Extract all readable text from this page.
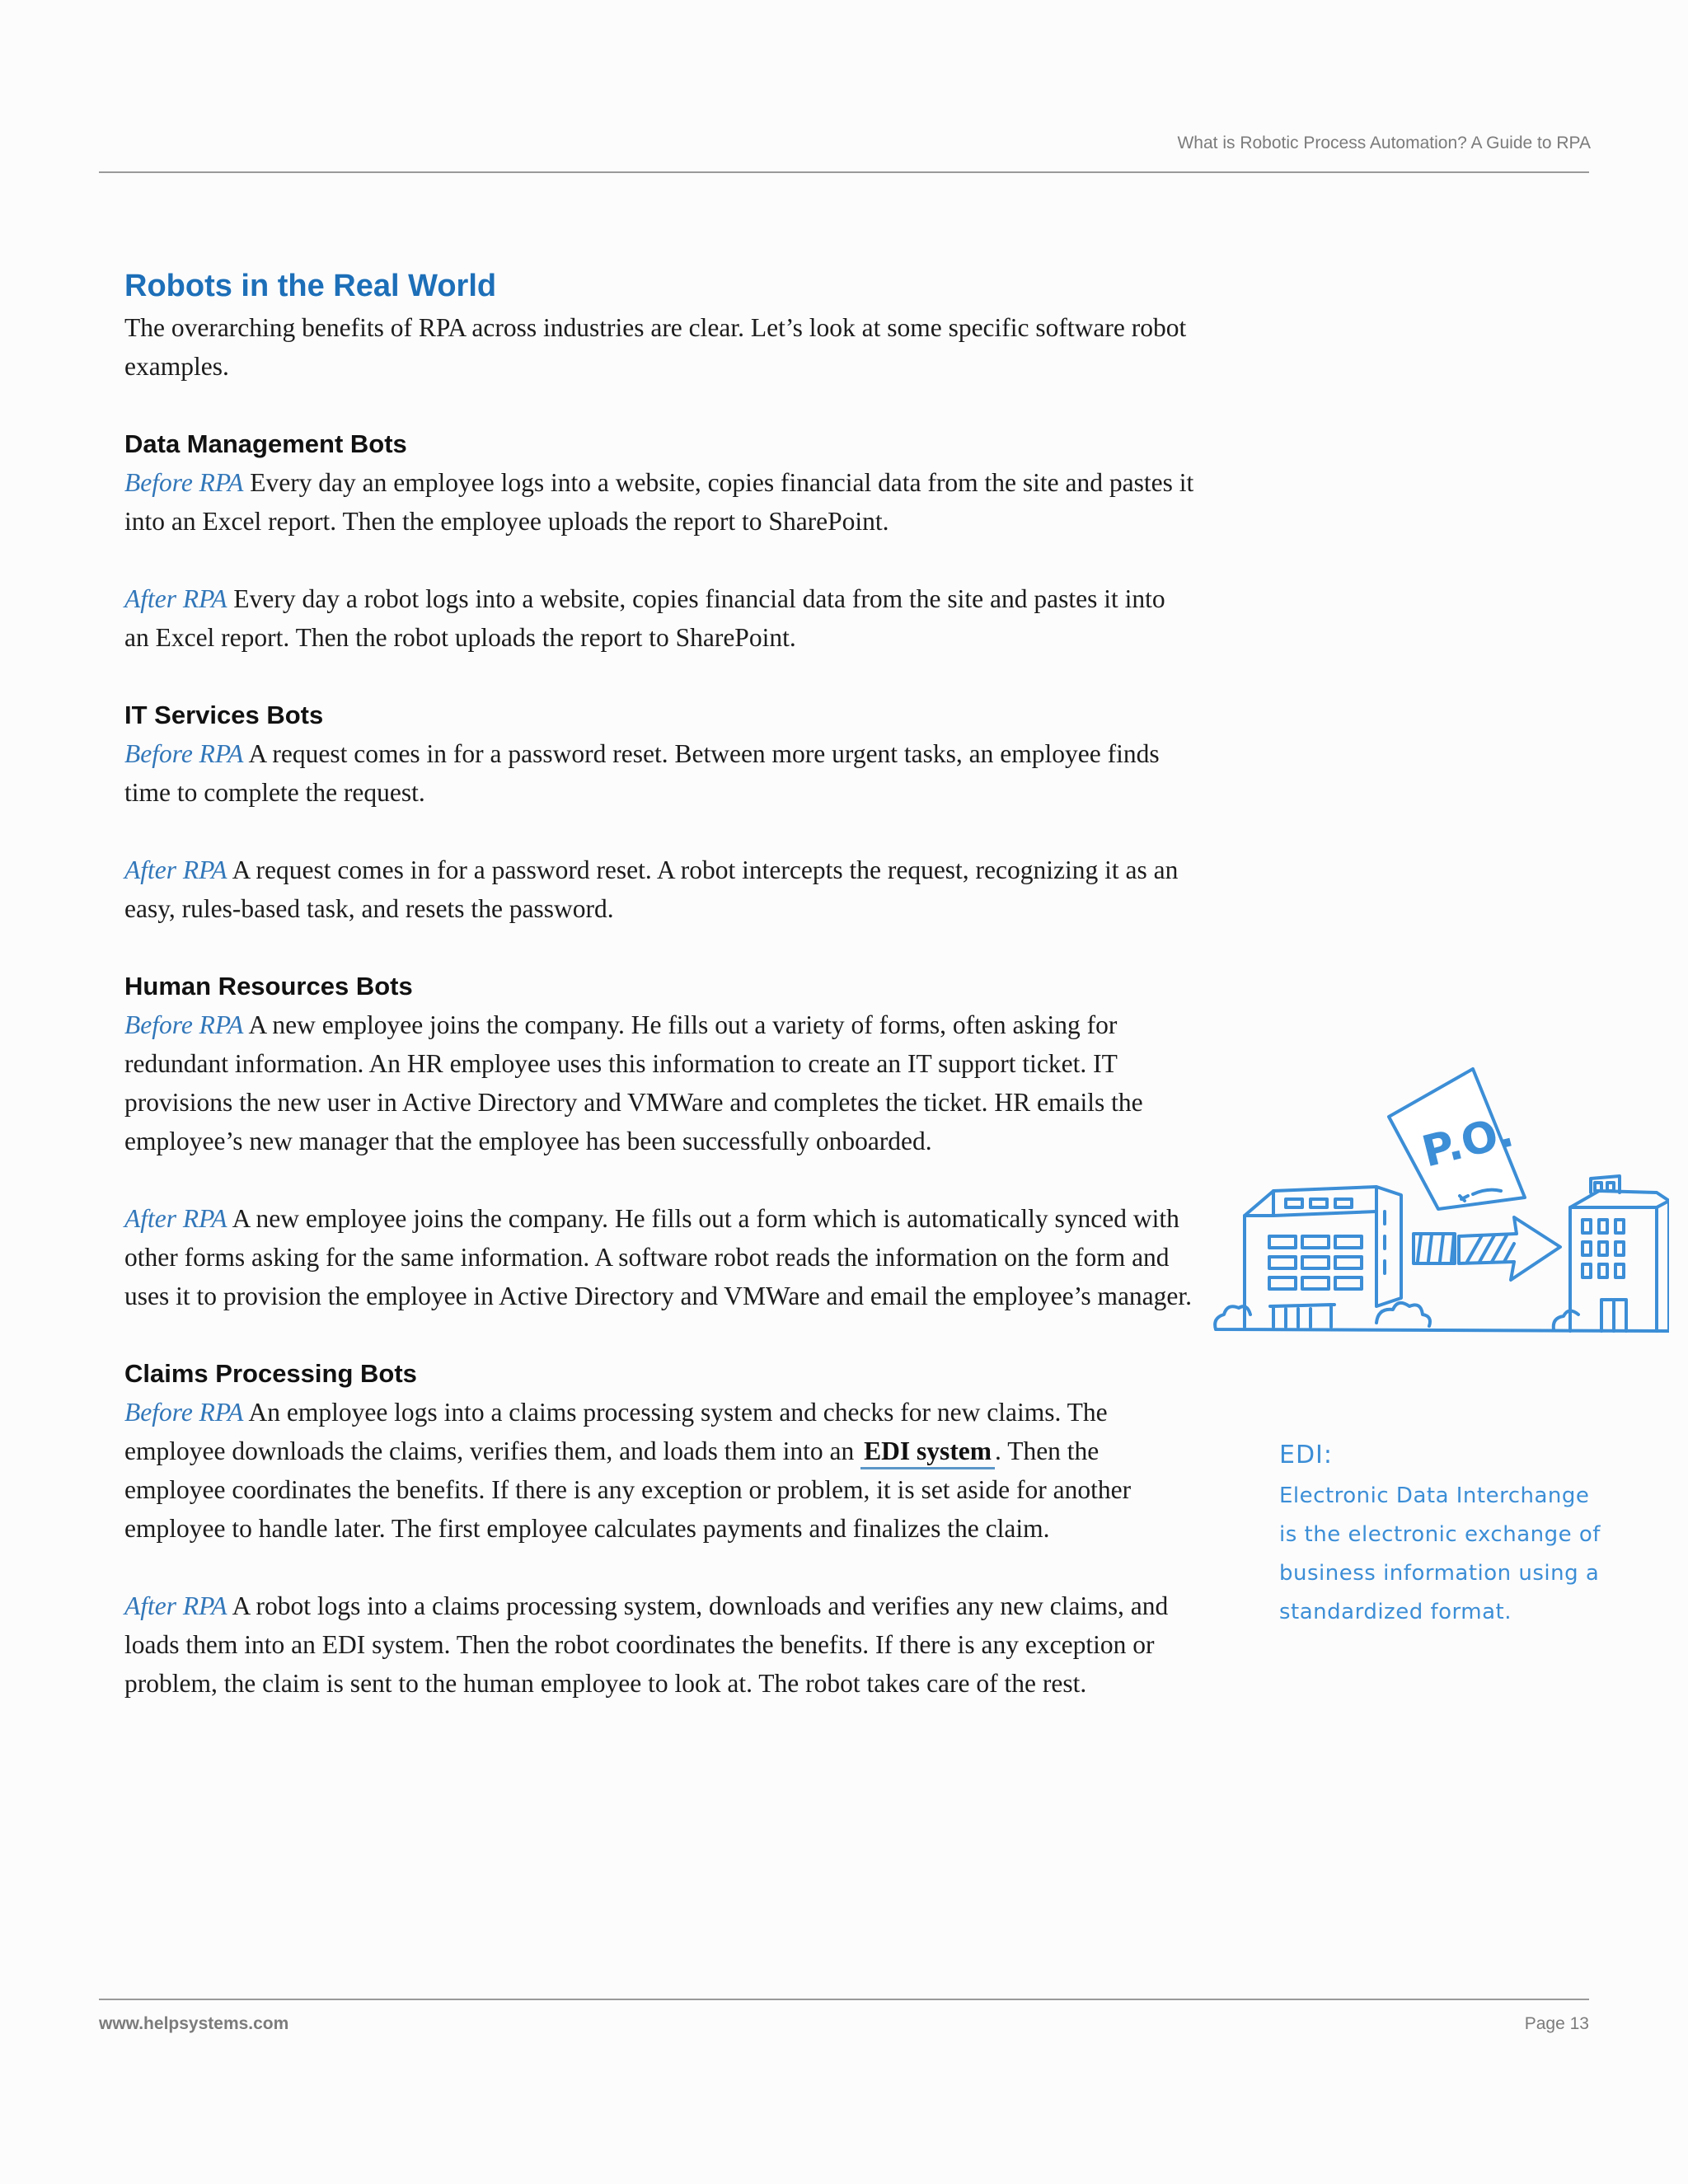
What is Robotic Process Automation? A Guide to RPA
Robots in the Real World

The overarching benefits of RPA across industries are clear. Let’s look at some specific software robot examples.

Data Management Bots

Before RPA Every day an employee logs into a website, copies financial data from the site and pastes it into an Excel report. Then the employee uploads the report to SharePoint.

After RPA Every day a robot logs into a website, copies financial data from the site and pastes it into an Excel report. Then the robot uploads the report to SharePoint.

IT Services Bots

Before RPA A request comes in for a password reset. Between more urgent tasks, an employee finds time to complete the request.

After RPA A request comes in for a password reset. A robot intercepts the request, recognizing it as an easy, rules-based task, and resets the password.

Human Resources Bots

Before RPA A new employee joins the company. He fills out a variety of forms, often asking for redundant information. An HR employee uses this information to create an IT support ticket. IT provisions the new user in Active Directory and VMWare and completes the ticket. HR emails the employee’s new manager that the employee has been successfully onboarded.

After RPA A new employee joins the company. He fills out a form which is automatically synced with other forms asking for the same information. A software robot reads the information on the form and uses it to provision the employee in Active Directory and VMWare and email the employee’s manager.

Claims Processing Bots

Before RPA An employee logs into a claims processing system and checks for new claims. The employee downloads the claims, verifies them, and loads them into an EDI system . Then the employee coordinates the benefits. If there is any exception or problem, it is set aside for another employee to handle later. The first employee calculates payments and finalizes the claim.

After RPA A robot logs into a claims processing system, downloads and verifies any new claims, and loads them into an EDI system. Then the robot coordinates the benefits. If there is any exception or problem, the claim is sent to the human employee to look at. The robot takes care of the rest.

P.O.
EDI:
Electronic Data Interchange is the electronic exchange of business information using a standardized format.
www.helpsystems.com	Page 13
